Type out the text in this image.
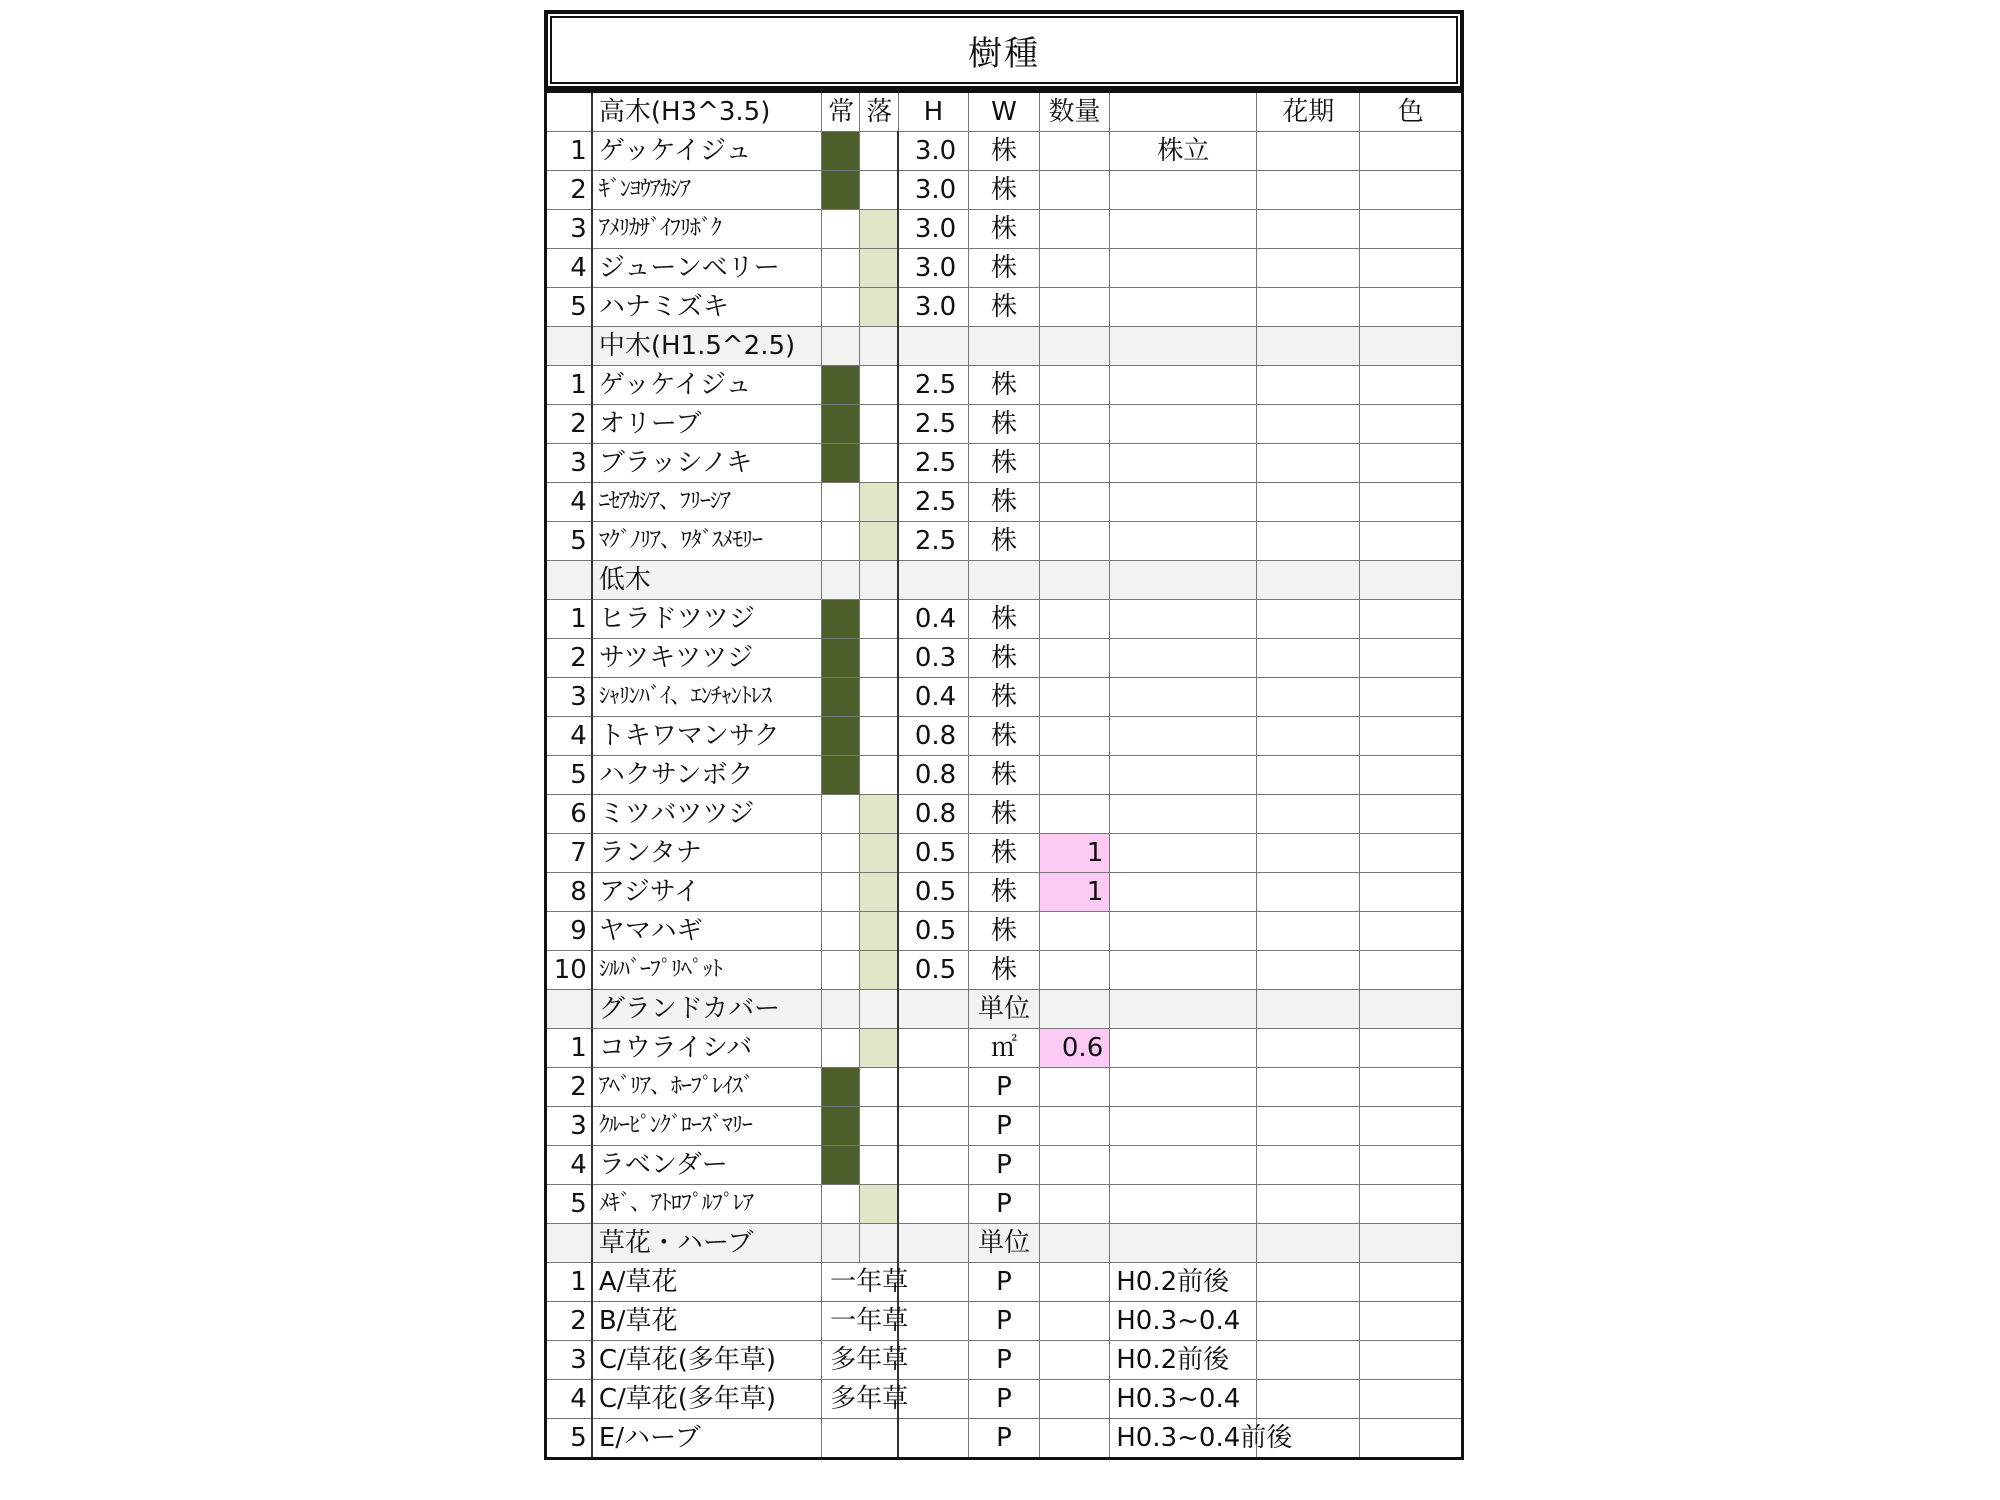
樹種
	高木(H3^3.5)	常	落	H	W	数量		花期	色
1	ゲッケイジュ			3.0	株		株立		
2	ｷﾞﾝﾖｳｱｶｼｱ			3.0	株				
3	ｱﾒﾘｶｻﾞｲﾌﾘﾎﾞｸ			3.0	株				
4	ジューンベリー			3.0	株				
5	ハナミズキ			3.0	株				
	中木(H1.5^2.5)								
1	ゲッケイジュ			2.5	株				
2	オリーブ			2.5	株				
3	ブラッシノキ			2.5	株				
4	ﾆｾｱｶｼｱ、ﾌﾘｰｼｱ			2.5	株				
5	ﾏｸﾞﾉﾘｱ、ﾜﾀﾞｽﾒﾓﾘｰ			2.5	株				
	低木								
1	ヒラドツツジ			0.4	株				
2	サツキツツジ			0.3	株				
3	ｼｬﾘﾝﾊﾞｲ、ｴﾝﾁｬﾝﾄﾚｽ			0.4	株				
4	トキワマンサク			0.8	株				
5	ハクサンボク			0.8	株				
6	ミツバツツジ			0.8	株				
7	ランタナ			0.5	株	1			
8	アジサイ			0.5	株	1			
9	ヤマハギ			0.5	株				
10	ｼﾙﾊﾞｰﾌﾟﾘﾍﾟｯﾄ			0.5	株				
	グランドカバー				単位				
1	コウライシバ				㎡	0.6			
2	ｱﾍﾞﾘｱ、ﾎｰﾌﾟﾚｲｽﾞ				P				
3	ｸﾙｰﾋﾟﾝｸﾞﾛｰｽﾞﾏﾘｰ				P				
4	ラベンダー				P				
5	ﾒｷﾞ、ｱﾄﾛﾌﾟﾙﾌﾟﾚｱ				P				
	草花・ハーブ				単位				
1	A/草花	一年草			P		H0.2前後		
2	B/草花	一年草			P		H0.3~0.4		
3	C/草花(多年草)	多年草			P		H0.2前後		
4	C/草花(多年草)	多年草			P		H0.3~0.4		
5	E/ハーブ				P		H0.3~0.4前後		
